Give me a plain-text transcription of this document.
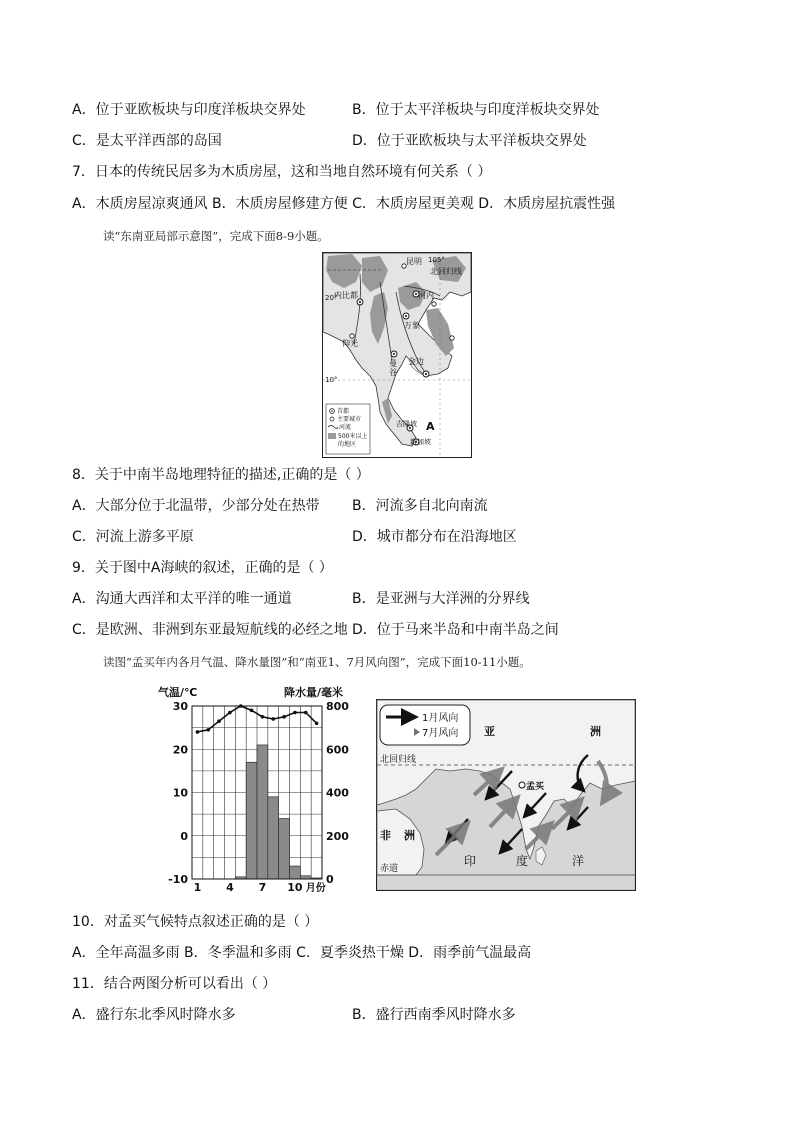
A．位于亚欧板块与印度洋板块交界处	B．位于太平洋板块与印度洋板块交界处
C．是太平洋西部的岛国	D．位于亚欧板块与太平洋板块交界处
7．日本的传统民居多为木质房屋，这和当地自然环境有何关系（ ）
A．木质房屋凉爽通风 B．木质房屋修建方便 C．木质房屋更美观 D．木质房屋抗震性强
读“东南亚局部示意图”，完成下面8-9小题。
昆明 105°
北回归线
20°
内比都	河内
万象
仰光
曼
谷
金边
10°
吉隆坡
新加坡
A
首都
主要城市
河流
500米以上
的地区
8．关于中南半岛地理特征的描述,正确的是（ ）
A．大部分位于北温带，少部分处在热带 B．河流多自北向南流
C．河流上游多平原	D．城市都分布在沿海地区
9．关于图中A海峡的叙述，正确的是（ ）
A．沟通大西洋和太平洋的唯一通道	B．是亚洲与大洋洲的分界线
C．是欧洲、非洲到东亚最短航线的必经之地 D．位于马来半岛和中南半岛之间
读图“孟买年内各月气温、降水量图”和“南亚1、7月风向图”，完成下面10-11小题。
-10
0
10
20
30
0
200
400
600
800
1 4 7 10
气温/℃	降水量/毫米
月份
1月风向
7月风向 亚	洲
北回归线
孟买
非 洲
赤道
印	度	洋
10．对孟买气候特点叙述正确的是（ ）
A．全年高温多雨 B．冬季温和多雨 C．夏季炎热干燥 D．雨季前气温最高
11．结合两图分析可以看出（ ）
A．盛行东北季风时降水多	B．盛行西南季风时降水多
